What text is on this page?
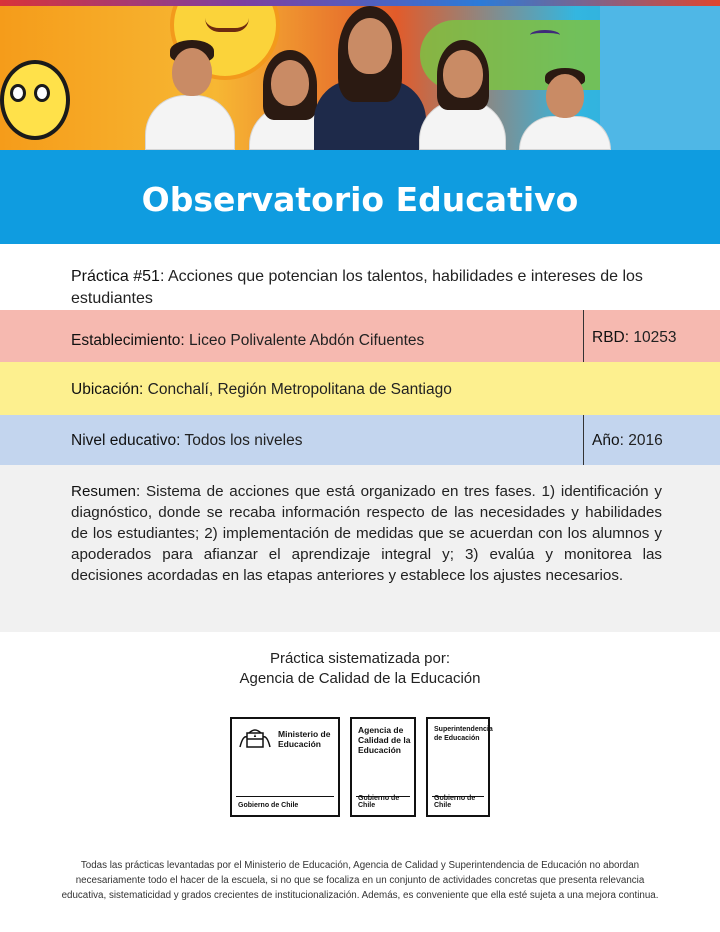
Observatorio Educativo
Práctica #51: Acciones que potencian los talentos, habilidades e intereses de los estudiantes
Establecimiento: Liceo Polivalente Abdón Cifuentes	RBD: 10253
Ubicación: Conchalí, Región Metropolitana de Santiago
Nivel educativo: Todos los niveles	Año: 2016
Resumen: Sistema de acciones que está organizado en tres fases. 1) identificación y diagnóstico, donde se recaba información respecto de las necesidades y habilidades de los estudiantes; 2) implementación de medidas que se acuerdan con los alumnos y apoderados para afianzar el aprendizaje integral y; 3) evalúa y monitorea las decisiones acordadas en las etapas anteriores y establece los ajustes necesarios.
Práctica sistematizada por:
Agencia de Calidad de la Educación
Ministerio de Educación
Gobierno de Chile
Agencia de Calidad de la Educación
Gobierno de Chile
Superintendencia de Educación
Gobierno de Chile
Todas las prácticas levantadas por el Ministerio de Educación, Agencia de Calidad y Superintendencia de Educación no abordan necesariamente todo el hacer de la escuela, si no que se focaliza en un conjunto de actividades concretas que presenta relevancia educativa, sistematicidad y grados crecientes de institucionalización. Además, es conveniente que ella esté sujeta a una mejora continua.
